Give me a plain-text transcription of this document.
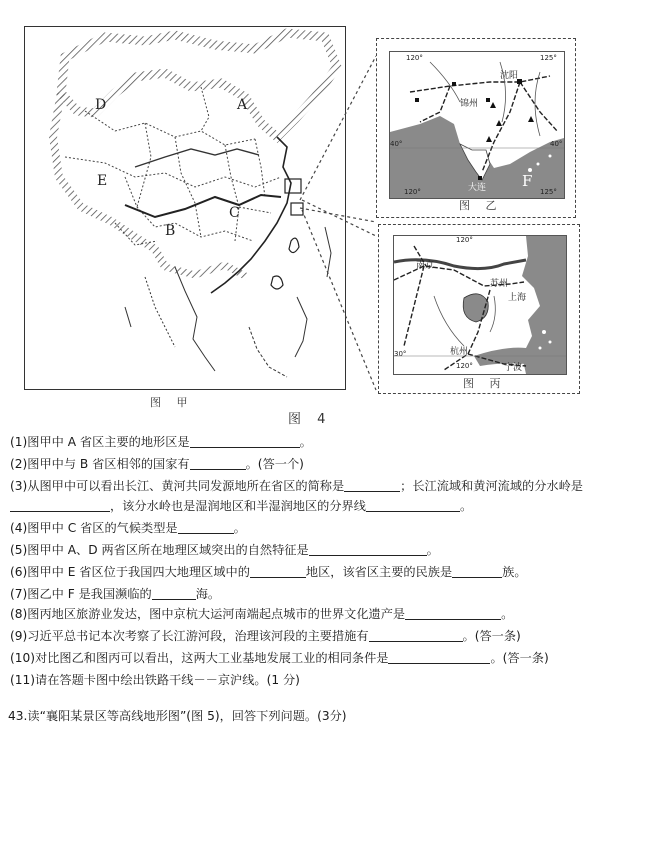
D	A
E
C
B
图 甲
图 4
120°	125°
40°	40°
120°	125°
沈阳
锦州
大连 F
图 乙
120°
30°
120°
南京
苏州
上海
杭州
宁波
图 丙
(1)图甲中 A 省区主要的地形区是	。
(2)图甲中与 B 省区相邻的国家有	。(答一个)
(3)从图甲中可以看出长江、黄河共同发源地所在省区的简称是	；长江流域和黄河流域的分水岭是
，该分水岭也是湿润地区和半湿润地区的分界线	。
(4)图甲中 C 省区的气候类型是	。
(5)图甲中 A、D 两省区所在地理区域突出的自然特征是	。
(6)图甲中 E 省区位于我国四大地理区域中的	地区，该省区主要的民族是	族。
(7)图乙中 F 是我国濒临的	海。
(8)图丙地区旅游业发达，图中京杭大运河南端起点城市的世界文化遗产是	。
(9)习近平总书记本次考察了长江游河段，治理该河段的主要措施有	。(答一条)
(10)对比图乙和图丙可以看出，这两大工业基地发展工业的相同条件是	。(答一条)
(11)请在答题卡图中绘出铁路干线－－京沪线。(1 分)
43.读“襄阳某景区等高线地形图”(图 5)，回答下列问题。(3分)
